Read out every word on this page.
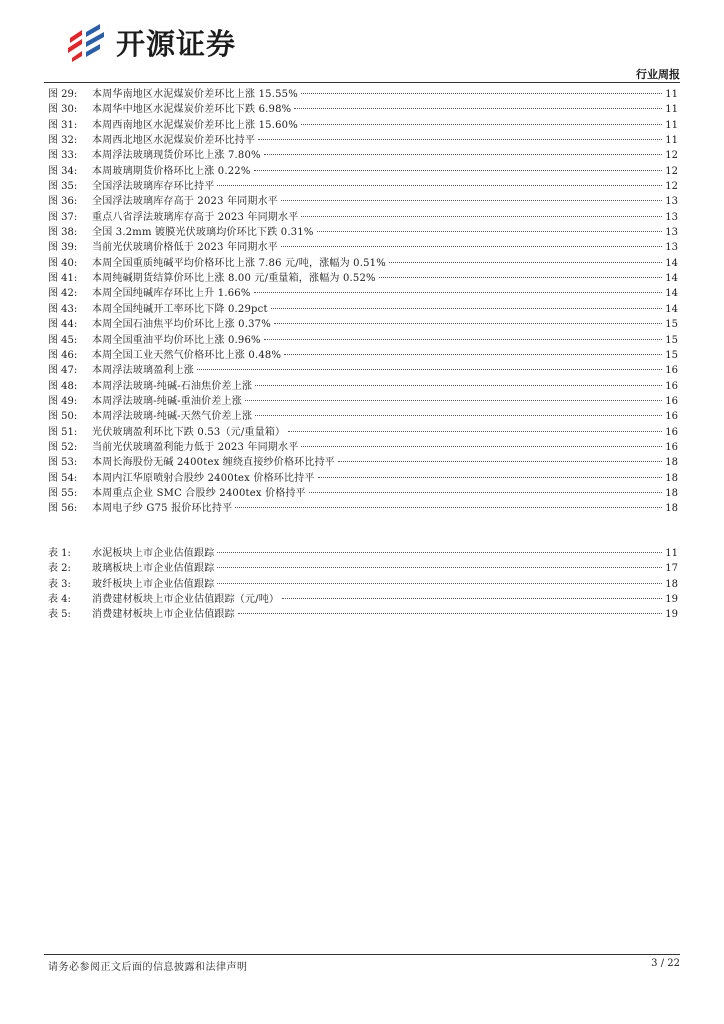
开源证券
行业周报
图 29:	本周华南地区水泥煤炭价差环比上涨 15.55%	11
图 30:	本周华中地区水泥煤炭价差环比下跌 6.98%	11
图 31:	本周西南地区水泥煤炭价差环比上涨 15.60%	11
图 32:	本周西北地区水泥煤炭价差环比持平	11
图 33:	本周浮法玻璃现货价环比上涨 7.80%	12
图 34:	本周玻璃期货价格环比上涨 0.22%	12
图 35:	全国浮法玻璃库存环比持平	12
图 36:	全国浮法玻璃库存高于 2023 年同期水平	13
图 37:	重点八省浮法玻璃库存高于 2023 年同期水平	13
图 38:	全国 3.2mm 镀膜光伏玻璃均价环比下跌 0.31%	13
图 39:	当前光伏玻璃价格低于 2023 年同期水平	13
图 40:	本周全国重质纯碱平均价格环比上涨 7.86 元/吨，涨幅为 0.51%	14
图 41:	本周纯碱期货结算价环比上涨 8.00 元/重量箱，涨幅为 0.52%	14
图 42:	本周全国纯碱库存环比上升 1.66%	14
图 43:	本周全国纯碱开工率环比下降 0.29pct	14
图 44:	本周全国石油焦平均价环比上涨 0.37%	15
图 45:	本周全国重油平均价环比上涨 0.96%	15
图 46:	本周全国工业天然气价格环比上涨 0.48%	15
图 47:	本周浮法玻璃盈利上涨	16
图 48:	本周浮法玻璃-纯碱-石油焦价差上涨	16
图 49:	本周浮法玻璃-纯碱-重油价差上涨	16
图 50:	本周浮法玻璃-纯碱-天然气价差上涨	16
图 51:	光伏玻璃盈利环比下跌 0.53（元/重量箱）	16
图 52:	当前光伏玻璃盈利能力低于 2023 年同期水平	16
图 53:	本周长海股份无碱 2400tex 缠绕直接纱价格环比持平	18
图 54:	本周内江华原喷射合股纱 2400tex 价格环比持平	18
图 55:	本周重点企业 SMC 合股纱 2400tex 价格持平	18
图 56:	本周电子纱 G75 报价环比持平	18
表 1:	水泥板块上市企业估值跟踪	11
表 2:	玻璃板块上市企业估值跟踪	17
表 3:	玻纤板块上市企业估值跟踪	18
表 4:	消费建材板块上市企业估值跟踪（元/吨）	19
表 5:	消费建材板块上市企业估值跟踪	19
请务必参阅正文后面的信息披露和法律声明	3 / 22
